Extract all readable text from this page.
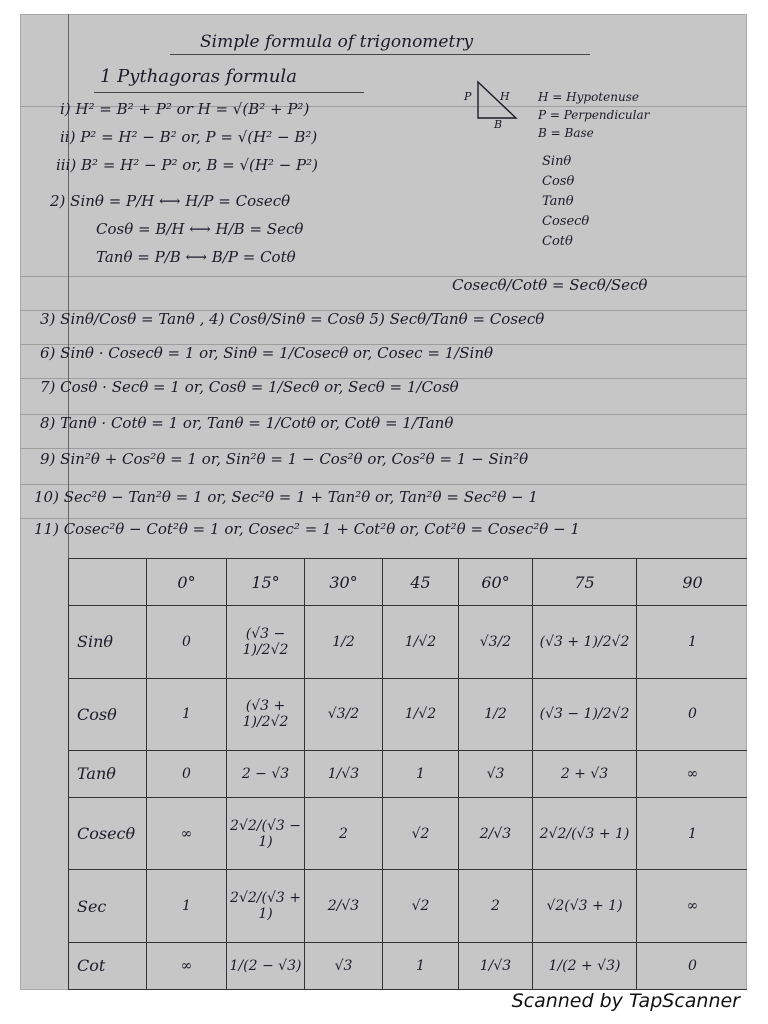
Simple formula of trigonometry
1 Pythagoras formula
P	H
B
H = Hypotenuse
P = Perpendicular
B = Base
Sinθ
Cosθ
Tanθ
Cosecθ
Cotθ
i) H² = B² + P² or H = √(B² + P²)
ii) P² = H² − B² or, P = √(H² − B²)
iii) B² = H² − P² or, B = √(H² − P²)
2) Sinθ = P/H ⟷ H/P = Cosecθ
Cosθ = B/H ⟷ H/B = Secθ
Tanθ = P/B ⟷ B/P = Cotθ
Cosecθ/Cotθ = Secθ/Secθ
3) Sinθ/Cosθ = Tanθ , 4) Cosθ/Sinθ = Cosθ 5) Secθ/Tanθ = Cosecθ
6) Sinθ · Cosecθ = 1 or, Sinθ = 1/Cosecθ or, Cosec = 1/Sinθ
7) Cosθ · Secθ = 1 or, Cosθ = 1/Secθ or, Secθ = 1/Cosθ
8) Tanθ · Cotθ = 1 or, Tanθ = 1/Cotθ or, Cotθ = 1/Tanθ
9) Sin²θ + Cos²θ = 1 or, Sin²θ = 1 − Cos²θ or, Cos²θ = 1 − Sin²θ
10) Sec²θ − Tan²θ = 1 or, Sec²θ = 1 + Tan²θ or, Tan²θ = Sec²θ − 1
11) Cosec²θ − Cot²θ = 1 or, Cosec² = 1 + Cot²θ or, Cot²θ = Cosec²θ − 1
	0°	15°	30°	45	60°	75	90
Sinθ	0	(√3 − 1)/2√2	1/2	1/√2	√3/2	(√3 + 1)/2√2	1
Cosθ	1	(√3 + 1)/2√2	√3/2	1/√2	1/2	(√3 − 1)/2√2	0
Tanθ	0	2 − √3	1/√3	1	√3	2 + √3	∞
Cosecθ	∞	2√2/(√3 − 1)	2	√2	2/√3	2√2/(√3 + 1)	1
Sec	1	2√2/(√3 + 1)	2/√3	√2	2	√2(√3 + 1)	∞
Cot	∞	1/(2 − √3)	√3	1	1/√3	1/(2 + √3)	0
Scanned by TapScanner
